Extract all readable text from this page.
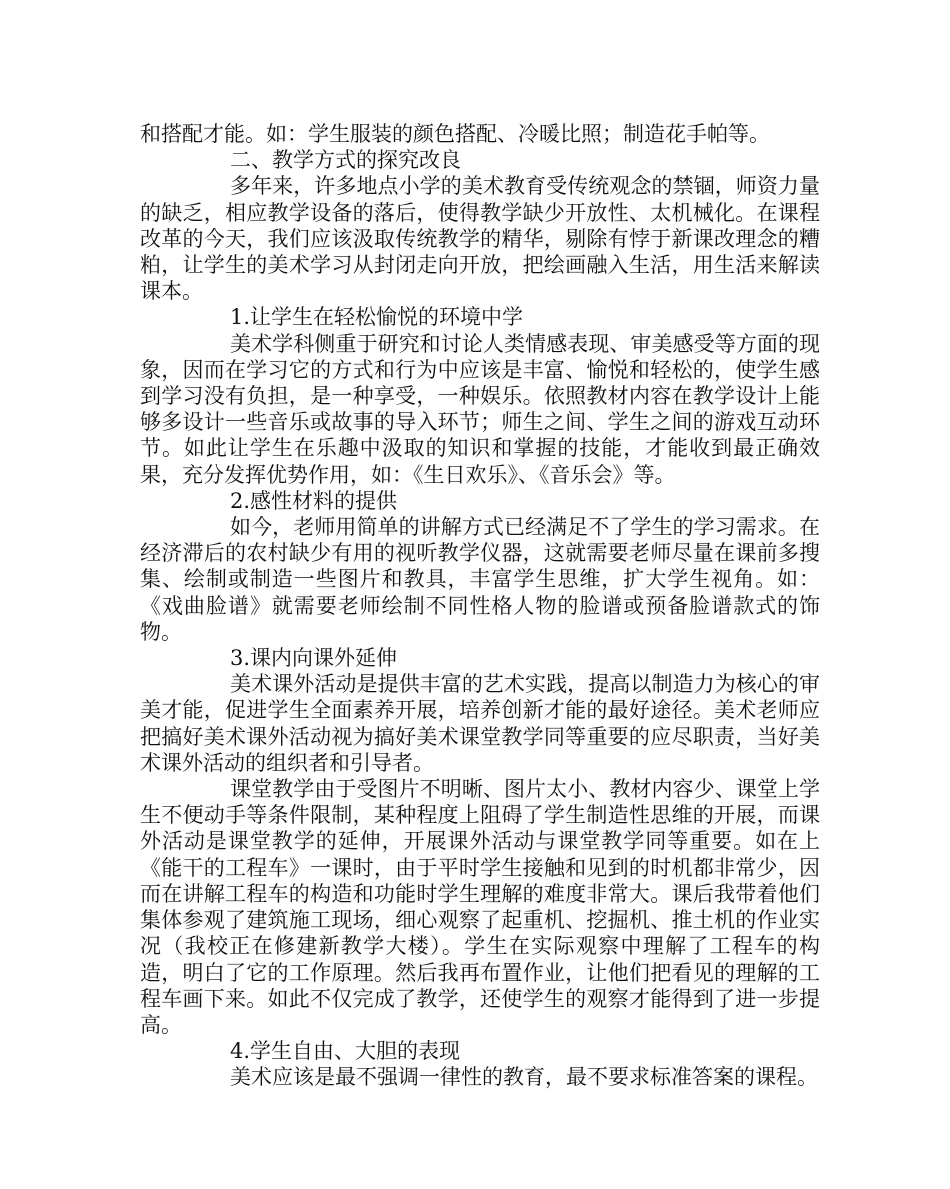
和搭配才能。如：学生服装的颜色搭配、冷暖比照；制造花手帕等。

二、教学方式的探究改良

多年来，许多地点小学的美术教育受传统观念的禁锢，师资力量的缺乏，相应教学设备的落后，使得教学缺少开放性、太机械化。在课程改革的今天，我们应该汲取传统教学的精华，剔除有悖于新课改理念的糟粕，让学生的美术学习从封闭走向开放，把绘画融入生活，用生活来解读课本。

1.让学生在轻松愉悦的环境中学

美术学科侧重于研究和讨论人类情感表现、审美感受等方面的现象，因而在学习它的方式和行为中应该是丰富、愉悦和轻松的，使学生感到学习没有负担，是一种享受，一种娱乐。依照教材内容在教学设计上能够多设计一些音乐或故事的导入环节；师生之间、学生之间的游戏互动环节。如此让学生在乐趣中汲取的知识和掌握的技能，才能收到最正确效果，充分发挥优势作用，如：《生日欢乐》、《音乐会》等。

2.感性材料的提供

如今，老师用简单的讲解方式已经满足不了学生的学习需求。在经济滞后的农村缺少有用的视听教学仪器，这就需要老师尽量在课前多搜集、绘制或制造一些图片和教具，丰富学生思维，扩大学生视角。如：《戏曲脸谱》就需要老师绘制不同性格人物的脸谱或预备脸谱款式的饰物。

3.课内向课外延伸

美术课外活动是提供丰富的艺术实践，提高以制造力为核心的审美才能，促进学生全面素养开展，培养创新才能的最好途径。美术老师应把搞好美术课外活动视为搞好美术课堂教学同等重要的应尽职责，当好美术课外活动的组织者和引导者。

课堂教学由于受图片不明晰、图片太小、教材内容少、课堂上学生不便动手等条件限制，某种程度上阻碍了学生制造性思维的开展，而课外活动是课堂教学的延伸，开展课外活动与课堂教学同等重要。如在上《能干的工程车》一课时，由于平时学生接触和见到的时机都非常少，因而在讲解工程车的构造和功能时学生理解的难度非常大。课后我带着他们集体参观了建筑施工现场，细心观察了起重机、挖掘机、推土机的作业实况（我校正在修建新教学大楼）。学生在实际观察中理解了工程车的构造，明白了它的工作原理。然后我再布置作业，让他们把看见的理解的工程车画下来。如此不仅完成了教学，还使学生的观察才能得到了进一步提高。

4.学生自由、大胆的表现

美术应该是最不强调一律性的教育，最不要求标准答案的课程。
